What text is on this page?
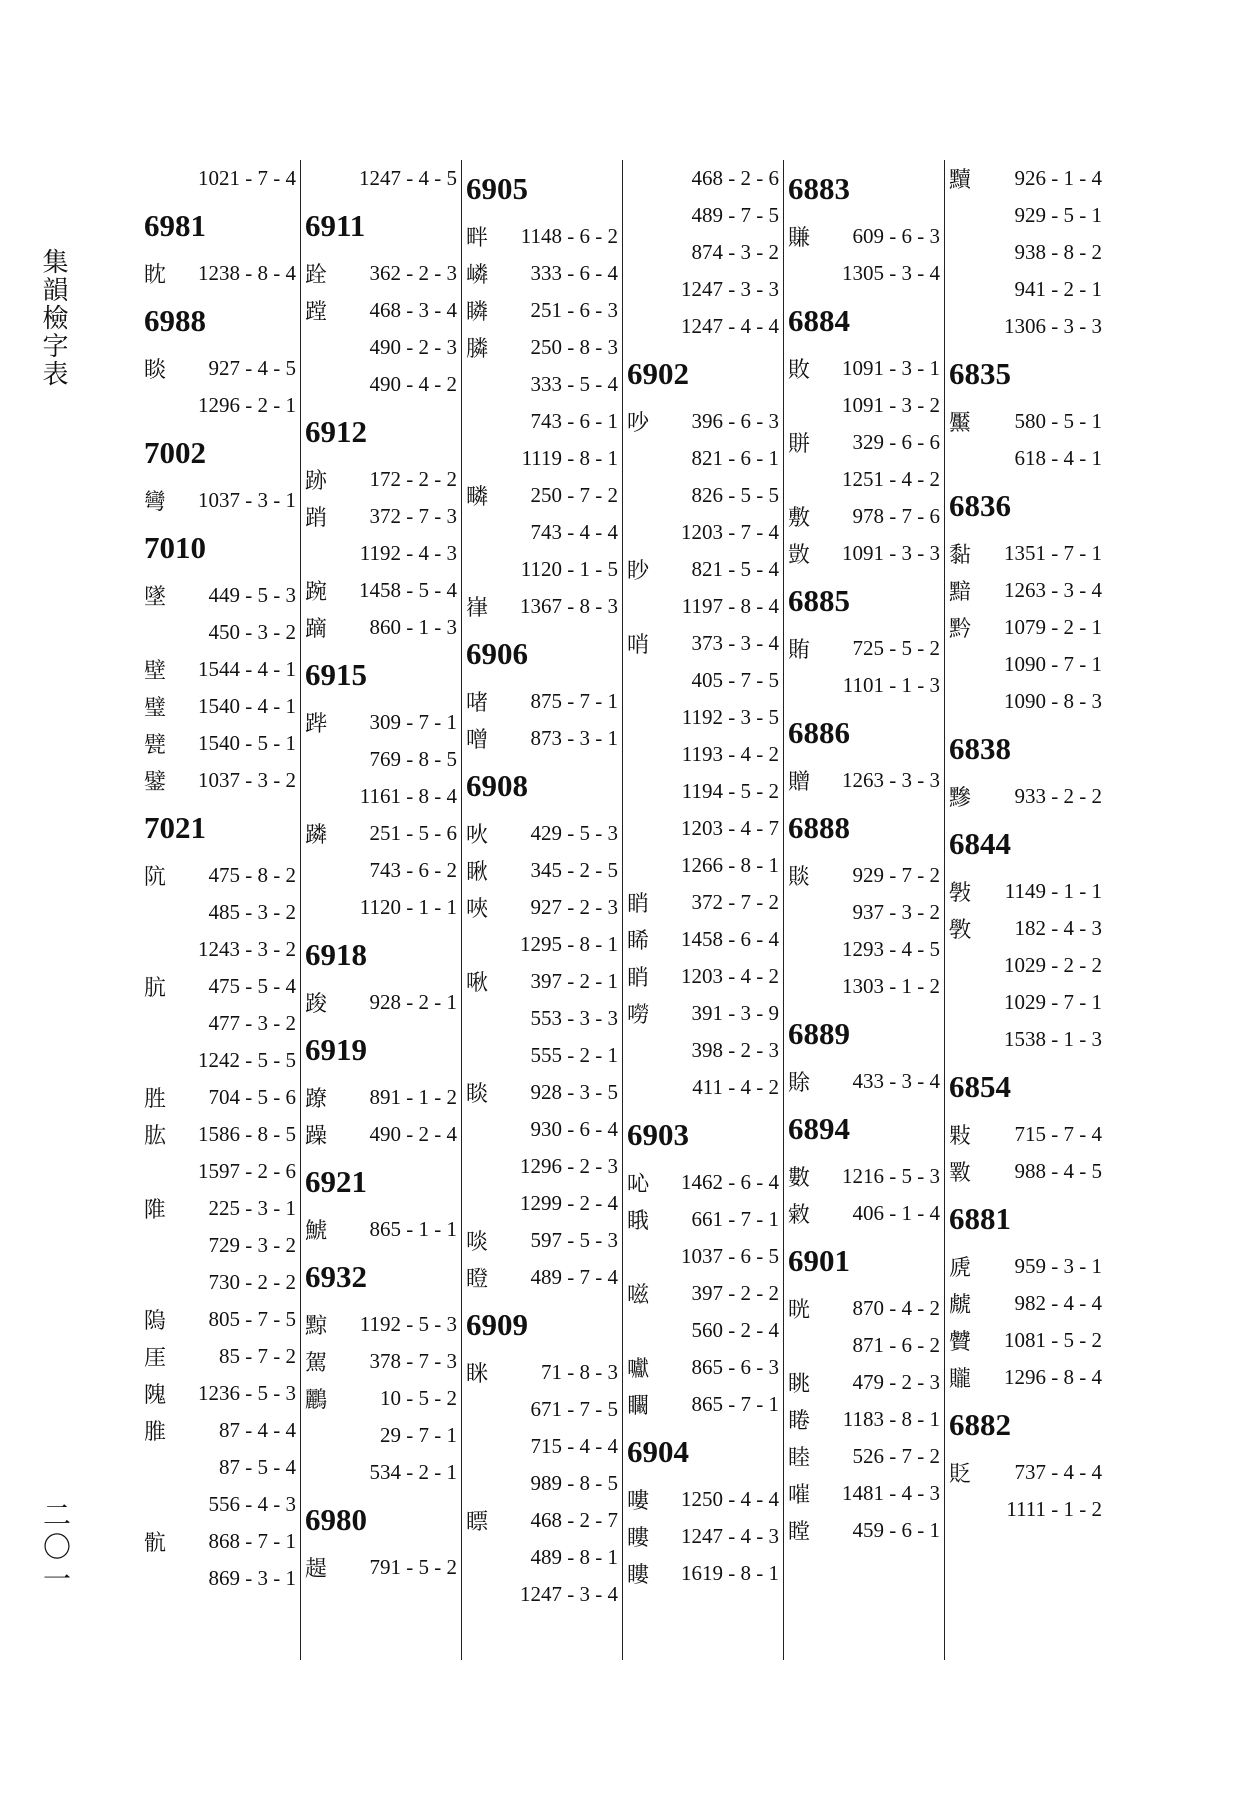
集韻檢字表
二〇一
1021 - 7 - 4
6981
眈	1238 - 8 - 4
6988
睒	927 - 4 - 5
1296 - 2 - 1
7002
彎	1037 - 3 - 1
7010
墜	449 - 5 - 3
450 - 3 - 2
壁	1544 - 4 - 1
璧	1540 - 4 - 1
甓	1540 - 5 - 1
鐾	1037 - 3 - 2
7021
阬	475 - 8 - 2
485 - 3 - 2
1243 - 3 - 2
肮	475 - 5 - 4
477 - 3 - 2
1242 - 5 - 5
胜	704 - 5 - 6
肱	1586 - 8 - 5
1597 - 2 - 6
陮	225 - 3 - 1
729 - 3 - 2
730 - 2 - 2
隖	805 - 7 - 5
厓	85 - 7 - 2
隗	1236 - 5 - 3
脽	87 - 4 - 4
87 - 5 - 4
556 - 4 - 3
骯	868 - 7 - 1
869 - 3 - 1
1247 - 4 - 5
6911
跧	362 - 2 - 3
蹚	468 - 3 - 4
490 - 2 - 3
490 - 4 - 2
6912
跡	172 - 2 - 2
踃	372 - 7 - 3
1192 - 4 - 3
踠	1458 - 5 - 4
蹢	860 - 1 - 3
6915
跸	309 - 7 - 1
769 - 8 - 5
1161 - 8 - 4
蹸	251 - 5 - 6
743 - 6 - 2
1120 - 1 - 1
6918
踆	928 - 2 - 1
6919
蹽	891 - 1 - 2
躁	490 - 2 - 4
6921
鯱	865 - 1 - 1
6932
黥	1192 - 5 - 3
駕	378 - 7 - 3
鸝	10 - 5 - 2
29 - 7 - 1
534 - 2 - 1
6980
趧	791 - 5 - 2
6905
畔	1148 - 6 - 2
嶙	333 - 6 - 4
瞵	251 - 6 - 3
膦	250 - 8 - 3
333 - 5 - 4
743 - 6 - 1
1119 - 8 - 1
疄	250 - 7 - 2
743 - 4 - 4
1120 - 1 - 5
嵂	1367 - 8 - 3
6906
啫	875 - 7 - 1
噌	873 - 3 - 1
6908
吙	429 - 5 - 3
瞅	345 - 2 - 5
唊	927 - 2 - 3
1295 - 8 - 1
啾	397 - 2 - 1
553 - 3 - 3
555 - 2 - 1
睒	928 - 3 - 5
930 - 6 - 4
1296 - 2 - 3
1299 - 2 - 4
啖	597 - 5 - 3
瞪	489 - 7 - 4
6909
眯	71 - 8 - 3
671 - 7 - 5
715 - 4 - 4
989 - 8 - 5
瞟	468 - 2 - 7
489 - 8 - 1
1247 - 3 - 4
468 - 2 - 6
489 - 7 - 5
874 - 3 - 2
1247 - 3 - 3
1247 - 4 - 4
6902
吵	396 - 6 - 3
821 - 6 - 1
826 - 5 - 5
1203 - 7 - 4
眇	821 - 5 - 4
1197 - 8 - 4
哨	373 - 3 - 4
405 - 7 - 5
1192 - 3 - 5
1193 - 4 - 2
1194 - 5 - 2
1203 - 4 - 7
1266 - 8 - 1
睄	372 - 7 - 2
睎	1458 - 6 - 4
睄	1203 - 4 - 2
嘮	391 - 3 - 9
398 - 2 - 3
411 - 4 - 2
6903
吣	1462 - 6 - 4
睋	661 - 7 - 1
1037 - 6 - 5
嗞	397 - 2 - 2
560 - 2 - 4
囐	865 - 6 - 3
矙	865 - 7 - 1
6904
嘍	1250 - 4 - 4
瞜	1247 - 4 - 3
瞜	1619 - 8 - 1
6883
賺	609 - 6 - 3
1305 - 3 - 4
6884
敗	1091 - 3 - 1
1091 - 3 - 2
賆	329 - 6 - 6
1251 - 4 - 2
敷	978 - 7 - 6
敳	1091 - 3 - 3
6885
賄	725 - 5 - 2
1101 - 1 - 3
6886
贈	1263 - 3 - 3
6888
賧	929 - 7 - 2
937 - 3 - 2
1293 - 4 - 5
1303 - 1 - 2
6889
賖	433 - 3 - 4
6894
數	1216 - 5 - 3
敹	406 - 1 - 4
6901
晄	870 - 4 - 2
871 - 6 - 2
眺	479 - 2 - 3
睠	1183 - 8 - 1
睦	526 - 7 - 2
嗺	1481 - 4 - 3
瞠	459 - 6 - 1
黷	926 - 1 - 4
929 - 5 - 1
938 - 8 - 2
941 - 2 - 1
1306 - 3 - 3
6835
黶	580 - 5 - 1
618 - 4 - 1
6836
黏	1351 - 7 - 1
黯	1263 - 3 - 4
黔	1079 - 2 - 1
1090 - 7 - 1
1090 - 8 - 3
6838
黲	933 - 2 - 2
6844
斅	1149 - 1 - 1
斆	182 - 4 - 3
1029 - 2 - 2
1029 - 7 - 1
1538 - 1 - 3
6854
敤	715 - 7 - 4
斁	988 - 4 - 5
6881
虒	959 - 3 - 1
虤	982 - 4 - 4
贙	1081 - 5 - 2
贚	1296 - 8 - 4
6882
貶	737 - 4 - 4
1111 - 1 - 2
